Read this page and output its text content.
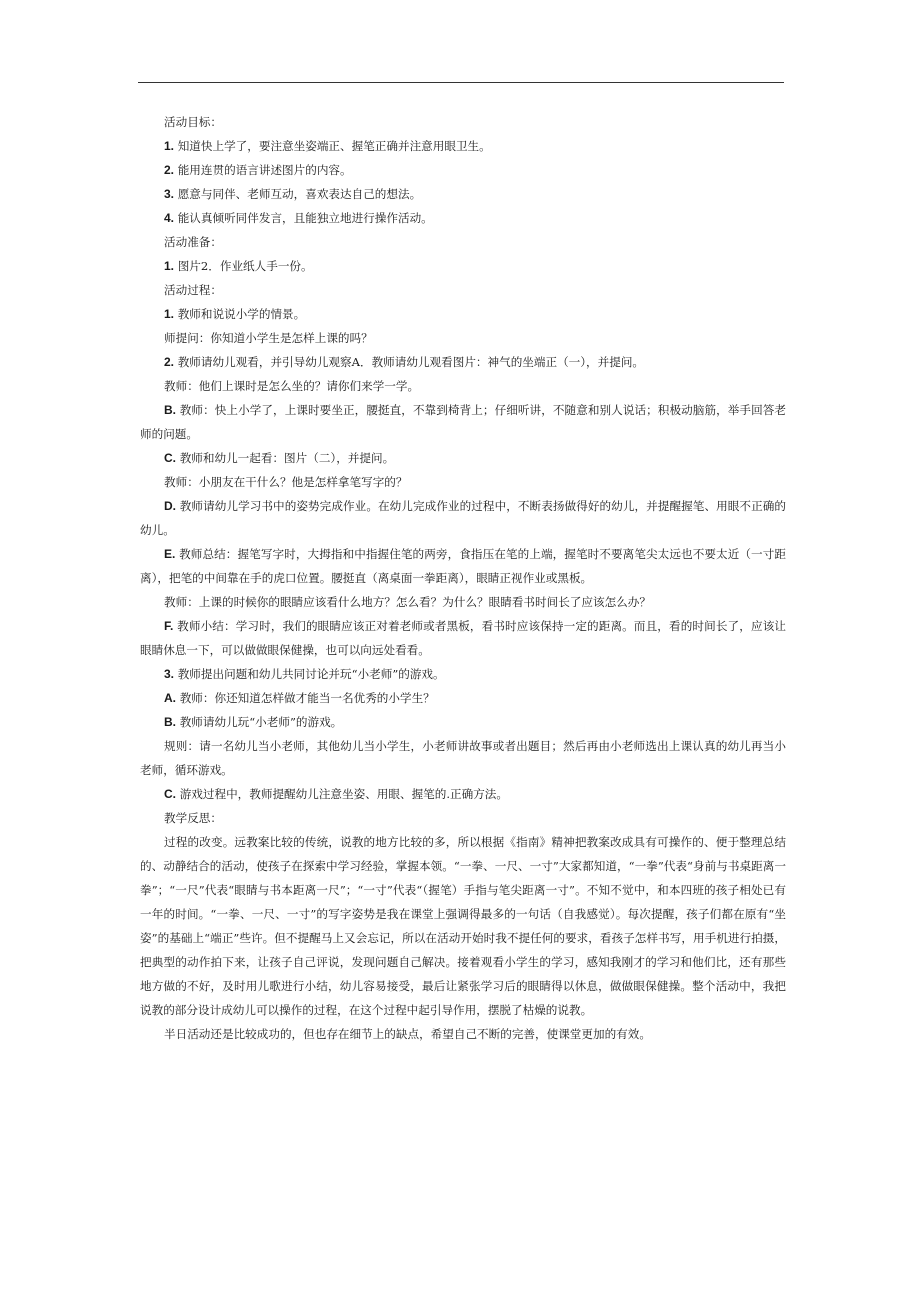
活动目标：

1. 知道快上学了，要注意坐姿端正、握笔正确并注意用眼卫生。

2. 能用连贯的语言讲述图片的内容。

3. 愿意与同伴、老师互动，喜欢表达自己的想法。

4. 能认真倾听同伴发言，且能独立地进行操作活动。

活动准备：

1. 图片2．作业纸人手一份。

活动过程：

1. 教师和说说小学的情景。

师提问：你知道小学生是怎样上课的吗？

2. 教师请幼儿观看，并引导幼儿观察A．教师请幼儿观看图片：神气的坐端正（一），并提问。

教师：他们上课时是怎么坐的？请你们来学一学。

B. 教师：快上小学了，上课时要坐正，腰挺直，不靠到椅背上；仔细听讲，不随意和别人说话；积极动脑筋，举手回答老师的问题。

C. 教师和幼儿一起看：图片（二），并提问。

教师：小朋友在干什么？他是怎样拿笔写字的？

D. 教师请幼儿学习书中的姿势完成作业。在幼儿完成作业的过程中，不断表扬做得好的幼儿，并提醒握笔、用眼不正确的幼儿。

E. 教师总结：握笔写字时，大拇指和中指握住笔的两旁，食指压在笔的上端，握笔时不要离笔尖太远也不要太近（一寸距离），把笔的中间靠在手的虎口位置。腰挺直（离桌面一拳距离），眼睛正视作业或黑板。

教师：上课的时候你的眼睛应该看什么地方？怎么看？为什么？眼睛看书时间长了应该怎么办？

F. 教师小结：学习时，我们的眼睛应该正对着老师或者黑板，看书时应该保持一定的距离。而且，看的时间长了，应该让眼睛休息一下，可以做做眼保健操，也可以向远处看看。

3. 教师提出问题和幼儿共同讨论并玩“小老师”的游戏。

A. 教师：你还知道怎样做才能当一名优秀的小学生？

B. 教师请幼儿玩“小老师”的游戏。

规则：请一名幼儿当小老师，其他幼儿当小学生，小老师讲故事或者出题目；然后再由小老师选出上课认真的幼儿再当小老师，循环游戏。

C. 游戏过程中，教师提醒幼儿注意坐姿、用眼、握笔的.正确方法。

教学反思：

过程的改变。远教案比较的传统，说教的地方比较的多，所以根据《指南》精神把教案改成具有可操作的、便于整理总结的、动静结合的活动，使孩子在探索中学习经验，掌握本领。“一拳、一尺、一寸”大家都知道，“一拳”代表“身前与书桌距离一拳”；“一尺”代表“眼睛与书本距离一尺”；“一寸”代表“（握笔）手指与笔尖距离一寸”。不知不觉中，和本四班的孩子相处已有一年的时间。“一拳、一尺、一寸”的写字姿势是我在课堂上强调得最多的一句话（自我感觉）。每次提醒，孩子们都在原有“坐姿”的基础上“端正”些许。但不提醒马上又会忘记，所以在活动开始时我不提任何的要求，看孩子怎样书写，用手机进行拍摄，把典型的动作拍下来，让孩子自己评说，发现问题自己解决。接着观看小学生的学习，感知我刚才的学习和他们比，还有那些地方做的不好，及时用儿歌进行小结，幼儿容易接受，最后让紧张学习后的眼睛得以休息，做做眼保健操。整个活动中，我把说教的部分设计成幼儿可以操作的过程，在这个过程中起引导作用，摆脱了枯燥的说教。

半日活动还是比较成功的，但也存在细节上的缺点，希望自己不断的完善，使课堂更加的有效。
